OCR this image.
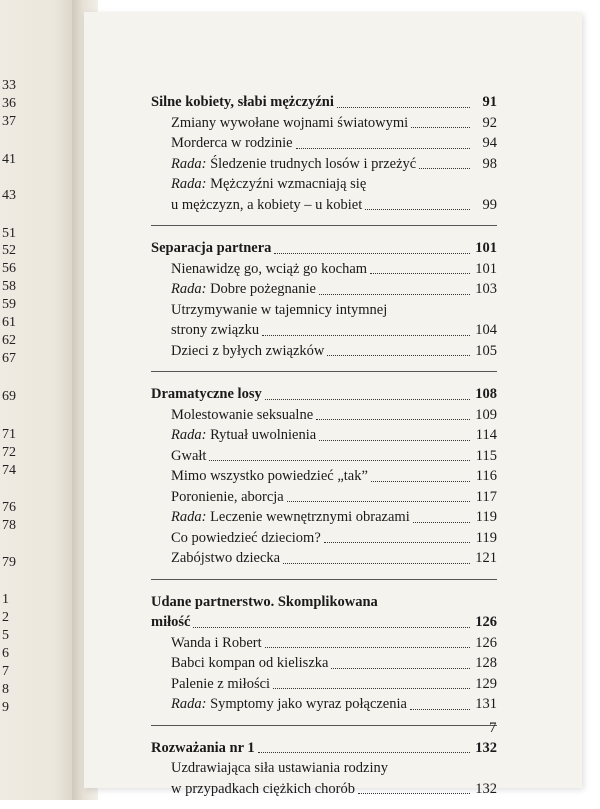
33
36
37
41
43
51
52
56
58
59
61
62
67
69
71
72
74
76
78
79
1
2
5
6
7
8
9
Silne kobiety, słabi mężczyźni	91
Zmiany wywołane wojnami światowymi	92
Morderca w rodzinie	94
Rada: Śledzenie trudnych losów i przeżyć	98
Rada: Mężczyźni wzmacniają się
u mężczyzn, a kobiety – u kobiet	99
Separacja partnera	101
Nienawidzę go, wciąż go kocham	101
Rada: Dobre pożegnanie	103
Utrzymywanie w tajemnicy intymnej
strony związku	104
Dzieci z byłych związków	105
Dramatyczne losy	108
Molestowanie seksualne	109
Rada: Rytuał uwolnienia	114
Gwałt	115
Mimo wszystko powiedzieć „tak”	116
Poronienie, aborcja	117
Rada: Leczenie wewnętrznymi obrazami	119
Co powiedzieć dzieciom?	119
Zabójstwo dziecka	121
Udane partnerstwo. Skomplikowana
miłość	126
Wanda i Robert	126
Babci kompan od kieliszka	128
Palenie z miłości	129
Rada: Symptomy jako wyraz połączenia	131
Rozważania nr 1	132
Uzdrawiająca siła ustawiania rodziny
w przypadkach ciężkich chorób	132
7
